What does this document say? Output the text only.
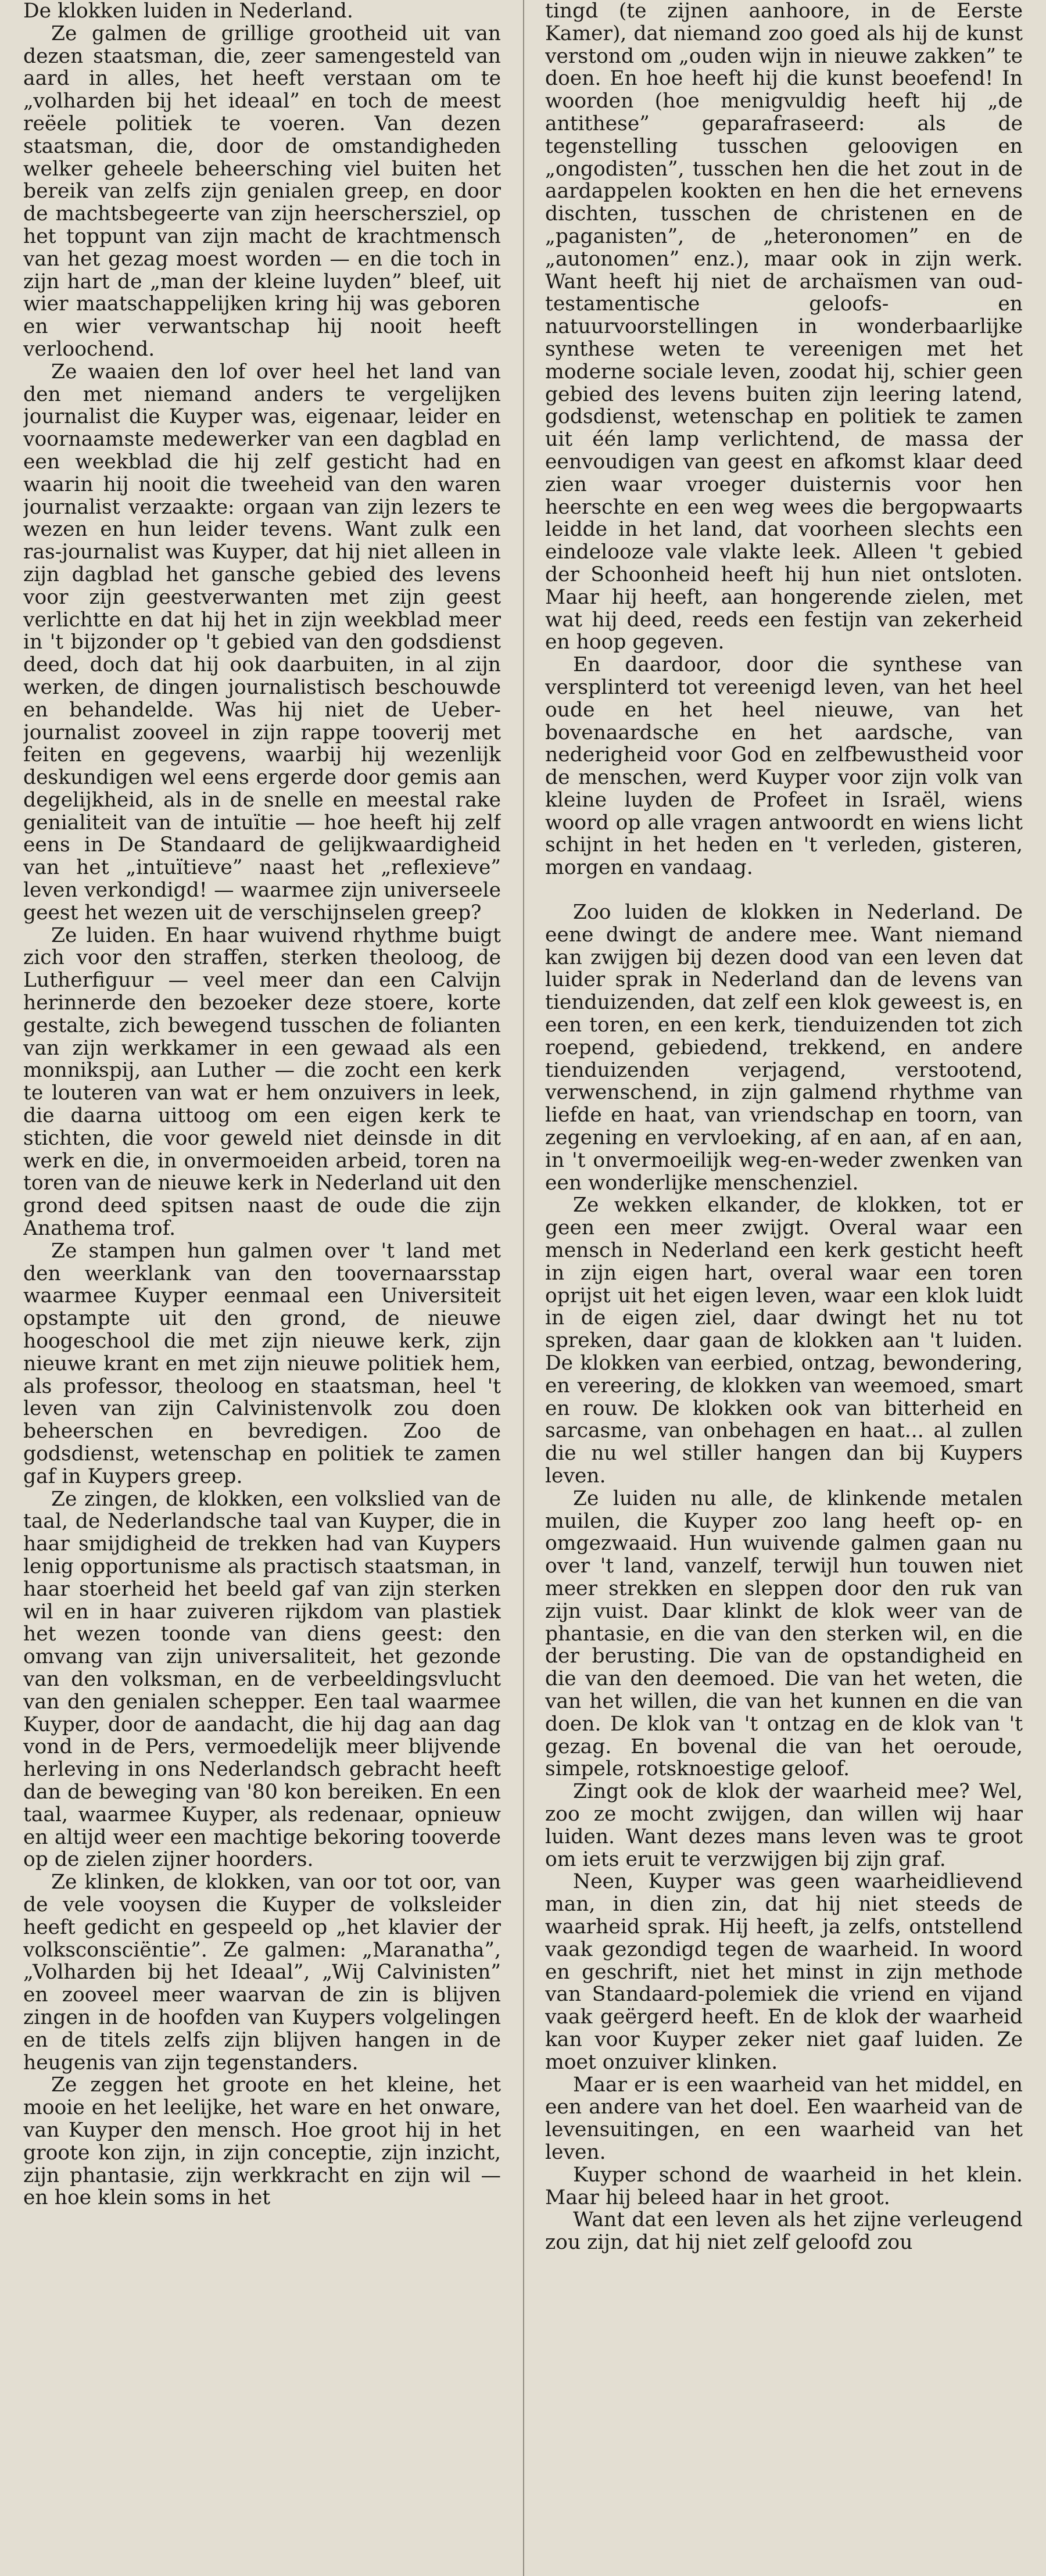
De klokken luiden in Nederland.

Ze galmen de grillige grootheid uit van dezen staatsman, die, zeer samengesteld van aard in alles, het heeft verstaan om te „volharden bij het ideaal” en toch de meest reëele politiek te voeren. Van dezen staatsman, die, door de omstandigheden welker geheele beheersching viel buiten het bereik van zelfs zijn genialen greep, en door de machtsbegeerte van zijn heerschersziel, op het toppunt van zijn macht de krachtmensch van het gezag moest worden — en die toch in zijn hart de „man der kleine luyden” bleef, uit wier maatschappelijken kring hij was geboren en wier verwantschap hij nooit heeft verloochend.

Ze waaien den lof over heel het land van den met niemand anders te vergelijken journalist die Kuyper was, eigenaar, leider en voornaamste medewerker van een dagblad en een weekblad die hij zelf gesticht had en waarin hij nooit die tweeheid van den waren journalist verzaakte: orgaan van zijn lezers te wezen en hun leider tevens. Want zulk een ras-journalist was Kuyper, dat hij niet alleen in zijn dagblad het gansche gebied des levens voor zijn geestverwanten met zijn geest verlichtte en dat hij het in zijn weekblad meer in 't bijzonder op 't gebied van den godsdienst deed, doch dat hij ook daarbuiten, in al zijn werken, de dingen journalistisch beschouwde en behandelde. Was hij niet de Ueber-journalist zooveel in zijn rappe tooverij met feiten en gegevens, waarbij hij wezenlijk deskundigen wel eens ergerde door gemis aan degelijkheid, als in de snelle en meestal rake genialiteit van de intuïtie — hoe heeft hij zelf eens in De Standaard de gelijkwaardigheid van het „intuïtieve” naast het „reflexieve” leven verkondigd! — waarmee zijn universeele geest het wezen uit de verschijnselen greep?

Ze luiden. En haar wuivend rhythme buigt zich voor den straffen, sterken theoloog, de Lutherfiguur — veel meer dan een Calvijn herinnerde den bezoeker deze stoere, korte gestalte, zich bewegend tusschen de folianten van zijn werkkamer in een gewaad als een monnikspij, aan Luther — die zocht een kerk te louteren van wat er hem onzuivers in leek, die daarna uittoog om een eigen kerk te stichten, die voor geweld niet deinsde in dit werk en die, in onvermoeiden arbeid, toren na toren van de nieuwe kerk in Nederland uit den grond deed spitsen naast de oude die zijn Anathema trof.

Ze stampen hun galmen over 't land met den weerklank van den toovernaarsstap waarmee Kuyper eenmaal een Universiteit opstampte uit den grond, de nieuwe hoogeschool die met zijn nieuwe kerk, zijn nieuwe krant en met zijn nieuwe politiek hem, als professor, theoloog en staatsman, heel 't leven van zijn Calvinistenvolk zou doen beheerschen en bevredigen. Zoo de godsdienst, wetenschap en politiek te zamen gaf in Kuypers greep.

Ze zingen, de klokken, een volkslied van de taal, de Nederlandsche taal van Kuyper, die in haar smijdigheid de trekken had van Kuypers lenig opportunisme als practisch staatsman, in haar stoerheid het beeld gaf van zijn sterken wil en in haar zuiveren rijkdom van plastiek het wezen toonde van diens geest: den omvang van zijn universaliteit, het gezonde van den volksman, en de verbeeldingsvlucht van den genialen schepper. Een taal waarmee Kuyper, door de aandacht, die hij dag aan dag vond in de Pers, vermoedelijk meer blijvende herleving in ons Nederlandsch gebracht heeft dan de beweging van '80 kon bereiken. En een taal, waarmee Kuyper, als redenaar, opnieuw en altijd weer een machtige bekoring tooverde op de zielen zijner hoorders.

Ze klinken, de klokken, van oor tot oor, van de vele vooysen die Kuyper de volksleider heeft gedicht en gespeeld op „het klavier der volksconsciëntie”. Ze galmen: „Maranatha”, „Volharden bij het Ideaal”, „Wij Calvinisten” en zooveel meer waarvan de zin is blijven zingen in de hoofden van Kuypers volgelingen en de titels zelfs zijn blijven hangen in de heugenis van zijn tegenstanders.

Ze zeggen het groote en het kleine, het mooie en het leelijke, het ware en het onware, van Kuyper den mensch. Hoe groot hij in het groote kon zijn, in zijn conceptie, zijn inzicht, zijn phantasie, zijn werkkracht en zijn wil — en hoe klein soms in het

tingd (te zijnen aanhoore, in de Eerste Kamer), dat niemand zoo goed als hij de kunst verstond om „ouden wijn in nieuwe zakken” te doen. En hoe heeft hij die kunst beoefend! In woorden (hoe menigvuldig heeft hij „de antithese” geparafraseerd: als de tegenstelling tusschen geloovigen en „ongodisten”, tusschen hen die het zout in de aardappelen kookten en hen die het ernevens dischten, tusschen de christenen en de „paganisten”, de „heteronomen” en de „autonomen” enz.), maar ook in zijn werk. Want heeft hij niet de archaïsmen van oud-testamentische geloofs- en natuurvoorstellingen in wonderbaarlijke synthese weten te vereenigen met het moderne sociale leven, zoodat hij, schier geen gebied des levens buiten zijn leering latend, godsdienst, wetenschap en politiek te zamen uit één lamp verlichtend, de massa der eenvoudigen van geest en afkomst klaar deed zien waar vroeger duisternis voor hen heerschte en een weg wees die bergopwaarts leidde in het land, dat voorheen slechts een eindelooze vale vlakte leek. Alleen 't gebied der Schoonheid heeft hij hun niet ontsloten. Maar hij heeft, aan hongerende zielen, met wat hij deed, reeds een festijn van zekerheid en hoop gegeven.

En daardoor, door die synthese van versplinterd tot vereenigd leven, van het heel oude en het heel nieuwe, van het bovenaardsche en het aardsche, van nederigheid voor God en zelfbewustheid voor de menschen, werd Kuyper voor zijn volk van kleine luyden de Profeet in Israël, wiens woord op alle vragen antwoordt en wiens licht schijnt in het heden en 't verleden, gisteren, morgen en vandaag.

Zoo luiden de klokken in Nederland. De eene dwingt de andere mee. Want niemand kan zwijgen bij dezen dood van een leven dat luider sprak in Nederland dan de levens van tienduizenden, dat zelf een klok geweest is, en een toren, en een kerk, tienduizenden tot zich roepend, gebiedend, trekkend, en andere tienduizenden verjagend, verstootend, verwenschend, in zijn galmend rhythme van liefde en haat, van vriendschap en toorn, van zegening en vervloeking, af en aan, af en aan, in 't onvermoeilijk weg-en-weder zwenken van een wonderlijke menschenziel.

Ze wekken elkander, de klokken, tot er geen een meer zwijgt. Overal waar een mensch in Nederland een kerk gesticht heeft in zijn eigen hart, overal waar een toren oprijst uit het eigen leven, waar een klok luidt in de eigen ziel, daar dwingt het nu tot spreken, daar gaan de klokken aan 't luiden. De klokken van eerbied, ontzag, bewondering, en vereering, de klokken van weemoed, smart en rouw. De klokken ook van bitterheid en sarcasme, van onbehagen en haat... al zullen die nu wel stiller hangen dan bij Kuypers leven.

Ze luiden nu alle, de klinkende metalen muilen, die Kuyper zoo lang heeft op- en omgezwaaid. Hun wuivende galmen gaan nu over 't land, vanzelf, terwijl hun touwen niet meer strekken en sleppen door den ruk van zijn vuist. Daar klinkt de klok weer van de phantasie, en die van den sterken wil, en die der berusting. Die van de opstandigheid en die van den deemoed. Die van het weten, die van het willen, die van het kunnen en die van doen. De klok van 't ontzag en de klok van 't gezag. En bovenal die van het oeroude, simpele, rotsknoestige geloof.

Zingt ook de klok der waarheid mee? Wel, zoo ze mocht zwijgen, dan willen wij haar luiden. Want dezes mans leven was te groot om iets eruit te verzwijgen bij zijn graf.

Neen, Kuyper was geen waarheidlievend man, in dien zin, dat hij niet steeds de waarheid sprak. Hij heeft, ja zelfs, ontstellend vaak gezondigd tegen de waarheid. In woord en geschrift, niet het minst in zijn methode van Standaard-polemiek die vriend en vijand vaak geërgerd heeft. En de klok der waarheid kan voor Kuyper zeker niet gaaf luiden. Ze moet onzuiver klinken.

Maar er is een waarheid van het middel, en een andere van het doel. Een waarheid van de levensuitingen, en een waarheid van het leven.

Kuyper schond de waarheid in het klein. Maar hij beleed haar in het groot.

Want dat een leven als het zijne verleugend zou zijn, dat hij niet zelf geloofd zou
